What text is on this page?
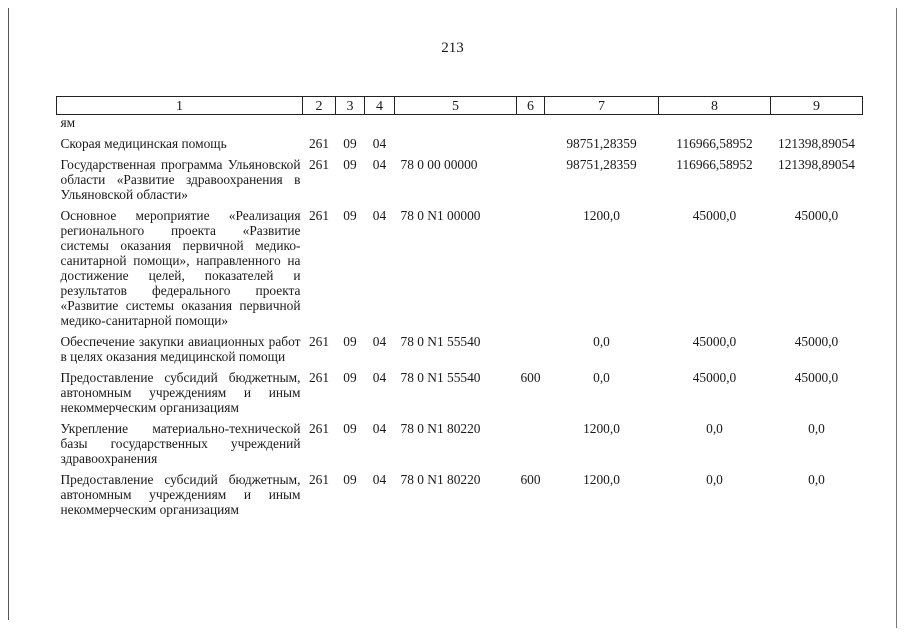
213
1	2	3	4	5	6	7	8	9
ям								
Скорая медицинская помощь	261	09	04			98751,28359	116966,58952	121398,89054
Государственная программа Ульяновской области «Развитие здравоохранения в Ульяновской области»	261	09	04	78 0 00 00000		98751,28359	116966,58952	121398,89054
Основное мероприятие «Реализация регионального проекта «Развитие системы оказания первичной медико-санитарной помощи», направленного на достижение целей, показателей и результатов федерального проекта «Развитие системы оказания первичной медико-санитарной помощи»	261	09	04	78 0 N1 00000		1200,0	45000,0	45000,0
Обеспечение закупки авиационных работ в целях оказания медицинской помощи	261	09	04	78 0 N1 55540		0,0	45000,0	45000,0
Предоставление субсидий бюджетным, автономным учреждениям и иным некоммерческим организациям	261	09	04	78 0 N1 55540	600	0,0	45000,0	45000,0
Укрепление материально-технической базы государственных учреждений здравоохранения	261	09	04	78 0 N1 80220		1200,0	0,0	0,0
Предоставление субсидий бюджетным, автономным учреждениям и иным некоммерческим организациям	261	09	04	78 0 N1 80220	600	1200,0	0,0	0,0
